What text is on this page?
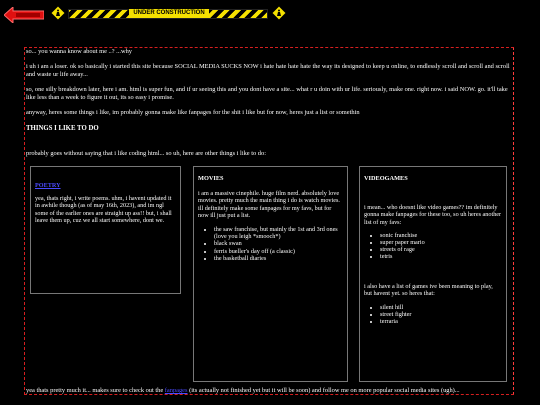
UNDER CONSTRUCTION

so... you wanna know about me ..? ...why

i uh i am a loser. ok so basically i started this site because SOCIAL MEDIA SUCKS NOW i hate hate hate hate the way its designed to keep u online, to endlessly scroll and scroll and scroll and waste ur life away...

so, one silly breakdown later, here i am. html is super fun, and if ur seeing this and you dont have a site... what r u doin with ur life. seriously, make one. right now. i said NOW. go. it'll take like less than a week to figure it out, its so easy i promise.

anyway, heres some things i like, im probably gonna make like fanpages for the shit i like but for now, heres just a list or somethin

THINGS I LIKE TO DO

probably goes without saying that i like coding html... so uh, here are other things i like to do:

POETRY

yea, thats right, i write poems. uhm, i havent updated it in awhile though (as of may 16th, 2023), and im ngl some of the earlier ones are straight up ass!! but, i shall leave them up, cuz we all start somewhere, dont we.

MOVIES

i am a massive cinephile. huge film nerd. absolutely love movies. pretty much the main thing i do is watch movies. ill definitely make some fanpages for my favs, but for now ill just put a list.

• the saw franchise, but mainly the 1st and 3rd ones (love you leigh *smooch*)
• black swan
• ferris bueller's day off (a classic)
• the basketball diaries

VIDEOGAMES

i mean... who doesnt like video games?? im definitely gonna make fanpages for these too, so uh heres another list of my favs:

• sonic franchise
• super paper mario
• streets of rage
• tetris

i also have a list of games ive been meaning to play, but havent yet. so heres that:

• silent hill
• street fighter
• terraria

yea thats pretty much it... makes sure to check out the fanpages (its actually not finished yet but it will be soon) and follow me on more popular social media sites (ugh)...
